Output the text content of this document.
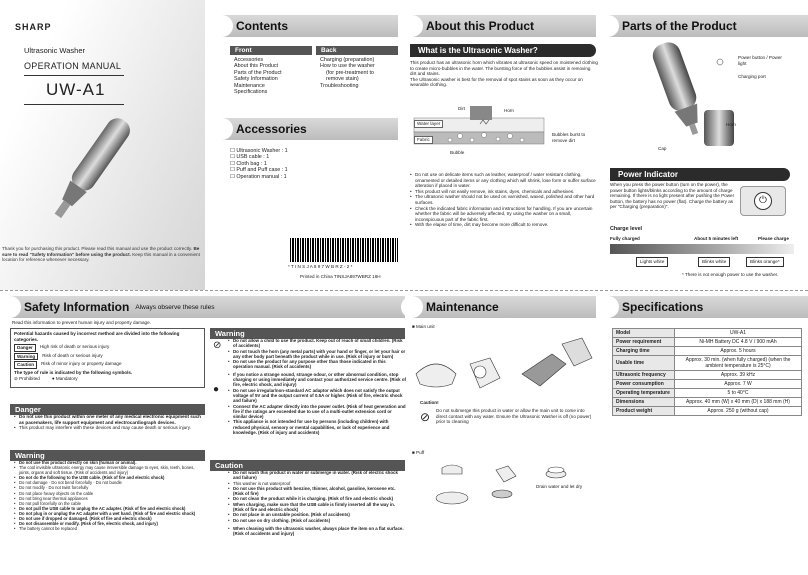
SHARP
Ultrasonic Washer
OPERATION MANUAL
UW-A1
Thank you for purchasing this product. Please read this manual and use the product correctly. Be sure to read "Safety Information" before using the product. Keep this manual in a convenient location for reference whenever necessary.
* T I N S J A 8 9 7 W B R Z - 2 *
Printed in China TINSJA897WBRZ 16H
Contents
Front
Accessories
About this Product
Parts of the Product
Safety Information
Maintenance
Specifications
Back
Charging (preparation)
How to use the washer
(for pre-treatment to
remove stain)
Troubleshooting
Accessories
☐ Ultrasonic Washer : 1
☐ USB cable : 1
☐ Cloth bag : 1
☐ Puff and Puff case : 1
☐ Operation manual : 1
About this Product
What is the Ultrasonic Washer?
This product has an ultrasonic horn which vibrates at ultrasonic speed on moistened clothing to create micro-bubbles in the water. The bursting force of the bubbles assist in removing dirt and stains.
The Ultrasonic washer is best for the removal of spot stains as soon as they occur on wearable clothing.
Dirt	Horn
Water layer
Fabric
Bubble
Bubbles burst to remove dirt
• Do not use on delicate items such as leather, waterproof / water resistant clothing, ornamented or detailed items or any clothing which will shrink, lose form or suffer surface alteration if placed in water.
• This product will not easily remove, ink stains, dyes, chemicals and adhesives.
• The ultrasonic washer should not be used on varnished, waxed, polished and other hard surfaces.
• Check the indicated fabric information and instructions for handling. If you are uncertain whether the fabric will be adversely affected, try using the washer on a small, inconspicuous part of the fabric first.
• With the elapse of time, dirt may become more difficult to remove.
Parts of the Product
Power button / Power light
Charging port
Horn
Cap
Power Indicator
When you press the power button (turn on the power), the power button lights/blinks according to the amount of charge remaining. If there is no light present after pushing the Power button, the battery has no power (flat). Charge the battery as per "Charging (preparation)".
⏻
Charge level
Fully charged	About 5 minutes left	Please charge
Lights white	Blinks white	Blinks orange*
* There is not enough power to use the washer.
Safety Information Always observe these rules
Read this information to prevent human injury and property damage.
Potential hazards caused by incorrect method are divided into the following categories.
Danger	High risk of death or serious injury
Warning	Risk of death or serious injury
Caution	Risk of minor injury or property damage
The type of rule is indicated by the following symbols.
⊘ Prohibited	● Mandatory
Danger
• Do not use this product within one meter of any medical electronic equipment such as pacemakers, life support equipment and electrocardiograph devices.
• This product may interfere with these devices and may cause death or serious injury.
Warning
• Do not use this product directly on skin (human or animal).
• The cool invisible ultrasonic energy may cause irreversible damage to eyes, skin, teeth, bones, joints, organs and soft tissue. (Risk of accidents and injury)
• Do not do the following to the USB cable. (Risk of fire and electric shock)
• Do not damage · Do not bend forcefully · Do not bundle
• Do not modify · Do not twist forcefully
• Do not place heavy objects on the cable
• Do not bring near thermal appliances
• Do not pull forcefully on the cable
• Do not pull the USB cable to unplug the AC adapter. (Risk of fire and electric shock)
• Do not plug in or unplug the AC adapter with a wet hand. (Risk of fire and electric shock)
• Do not use if dropped or damaged. (Risk of fire and electric shock)
• Do not disassemble or modify. (Risk of fire, electric shock, and injury)
• The battery cannot be replaced
Warning
• Do not allow a child to use the product. Keep out of reach of small children. (Risk of accidents)
• Do not touch the horn (any metal parts) with your hand or finger, or let your hair or any other body part beneath the product while in use. (Risk of injury or burn)
• Do not use the product for any purpose other than those indicated in this operation manual. (Risk of accidents)
• If you notice a strange sound, strange odour, or other abnormal condition, stop charging or using immediately and contact your authorized service centre. (Risk of fire, electric shock, and injury)
• Do not use irregular/non-standard AC adaptor which does not satisfy the output voltage of 5V and the output current of 0.5A or higher. (Risk of fire, electric shock and failure)
• Connect the AC adapter directly into the power outlet. (Risk of heat generation and fire if the ratings are exceeded due to use of a multi-outlet extension cord or similar device)
• This appliance is not intended for use by persons (including children) with reduced physical, sensory or mental capabilities, or lack of experience and knowledge. (Risk of injury and accidents)
⊘
●
Caution
• Do not wash this product in water or submerge in water. (Risk of electric shock and failure)
• This washer is not waterproof
• Do not use this product with benzine, thinner, alcohol, gasoline, kerosene etc. (Risk of fire)
• Do not clean the product while it is charging. (Risk of fire and electric shock)
• When charging, make sure that the USB cable is firmly inserted all the way in. (Risk of fire and electric shock)
• Do not place in an unstable position. (Risk of accidents)
• Do not use on dry clothing. (Risk of accidents)
• When cleaning with the ultrasonic washer, always place the item on a flat surface. (Risk of accidents and injury)
Maintenance
■ Main unit
Caution!
⊘ Do not submerge this product in water or allow the main unit to come into direct contact with any water. Ensure the Ultrasonic Washer is off (no power) prior to cleaning
■ Puff
Drain water and let dry
Specifications
Model	UW-A1
Power requirement	Ni-MH Battery DC 4.8 V / 900 mAh
Charging time	Approx. 5 hours
Usable time	Approx. 30 min. (when fully charged) (when the ambient temperature is 25°C)
Ultrasonic frequency	Approx. 39 kHz
Power consumption	Approx. 7 W
Operating temperature	5 to 40°C
Dimensions	Approx. 40 mm (W) x 40 mm (D) x 188 mm (H)
Product weight	Approx. 250 g (without cap)
